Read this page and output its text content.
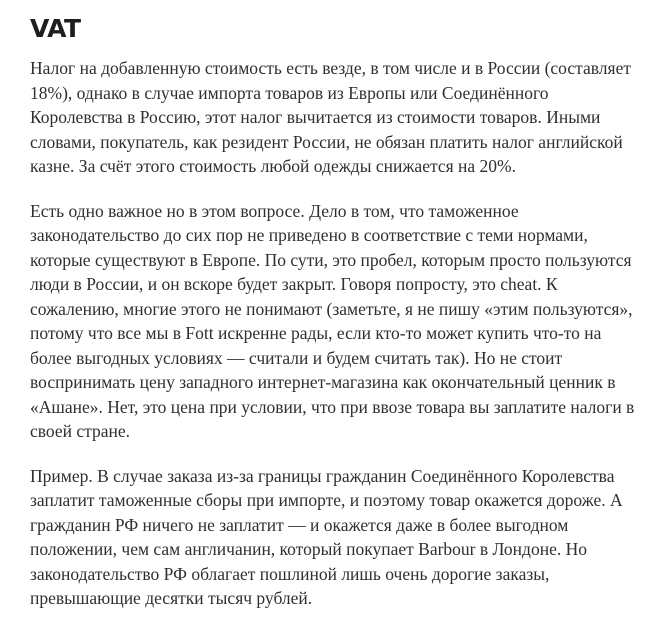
VAT

Налог на добавленную стоимость есть везде, в том числе и в России (составляет 18%), однако в случае импорта товаров из Европы или Соединённого Королевства в Россию, этот налог вычитается из стоимости товаров. Иными словами, покупатель, как резидент России, не обязан платить налог английской казне. За счёт этого стоимость любой одежды снижается на 20%.

Есть одно важное но в этом вопросе. Дело в том, что таможенное законодательство до сих пор не приведено в соответствие с теми нормами, которые существуют в Европе. По сути, это пробел, которым просто пользуются люди в России, и он вскоре будет закрыт. Говоря попросту, это cheat. К сожалению, многие этого не понимают (заметьте, я не пишу «этим пользуются», потому что все мы в Fott искренне рады, если кто-то может купить что-то на более выгодных условиях — считали и будем считать так). Но не стоит воспринимать цену западного интернет-магазина как окончательный ценник в «Ашане». Нет, это цена при условии, что при ввозе товара вы заплатите налоги в своей стране.

Пример. В случае заказа из-за границы гражданин Соединённого Королевства заплатит таможенные сборы при импорте, и поэтому товар окажется дороже. А гражданин РФ ничего не заплатит — и окажется даже в более выгодном положении, чем сам англичанин, который покупает Barbour в Лондоне. Но законодательство РФ облагает пошлиной лишь очень дорогие заказы, превышающие десятки тысяч рублей.
